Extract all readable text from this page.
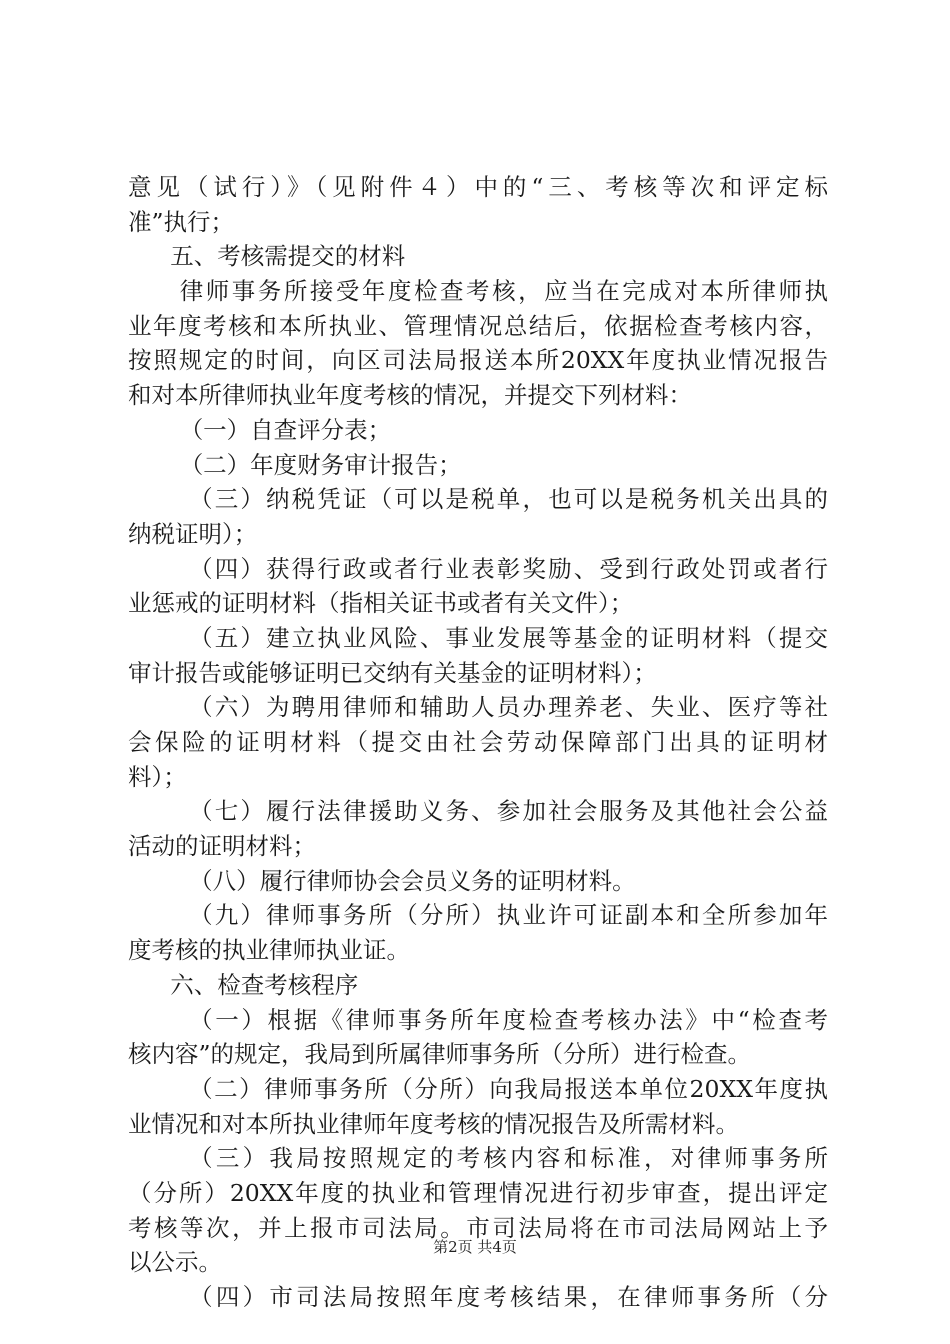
意见（试行）》（见附件４）中的“三、考核等次和评定标
准”执行；
五、考核需提交的材料
律师事务所接受年度检查考核，应当在完成对本所律师执
业年度考核和本所执业、管理情况总结后，依据检查考核内容，
按照规定的时间，向区司法局报送本所20XX年度执业情况报告
和对本所律师执业年度考核的情况，并提交下列材料：
（一）自查评分表；
（二）年度财务审计报告；
（三）纳税凭证（可以是税单，也可以是税务机关出具的
纳税证明）；
（四）获得行政或者行业表彰奖励、受到行政处罚或者行
业惩戒的证明材料（指相关证书或者有关文件）；
（五）建立执业风险、事业发展等基金的证明材料（提交
审计报告或能够证明已交纳有关基金的证明材料）；
（六）为聘用律师和辅助人员办理养老、失业、医疗等社
会保险的证明材料（提交由社会劳动保障部门出具的证明材
料）；
（七）履行法律援助义务、参加社会服务及其他社会公益
活动的证明材料；
（八）履行律师协会会员义务的证明材料。
（九）律师事务所（分所）执业许可证副本和全所参加年
度考核的执业律师执业证。
六、检查考核程序
（一）根据《律师事务所年度检查考核办法》中“检查考
核内容”的规定，我局到所属律师事务所（分所）进行检查。
（二）律师事务所（分所）向我局报送本单位20XX年度执
业情况和对本所执业律师年度考核的情况报告及所需材料。
（三）我局按照规定的考核内容和标准，对律师事务所
（分所）20XX年度的执业和管理情况进行初步审查，提出评定
考核等次，并上报市司法局。市司法局将在市司法局网站上予
以公示。
（四）市司法局按照年度考核结果，在律师事务所（分
第2页 共4页
